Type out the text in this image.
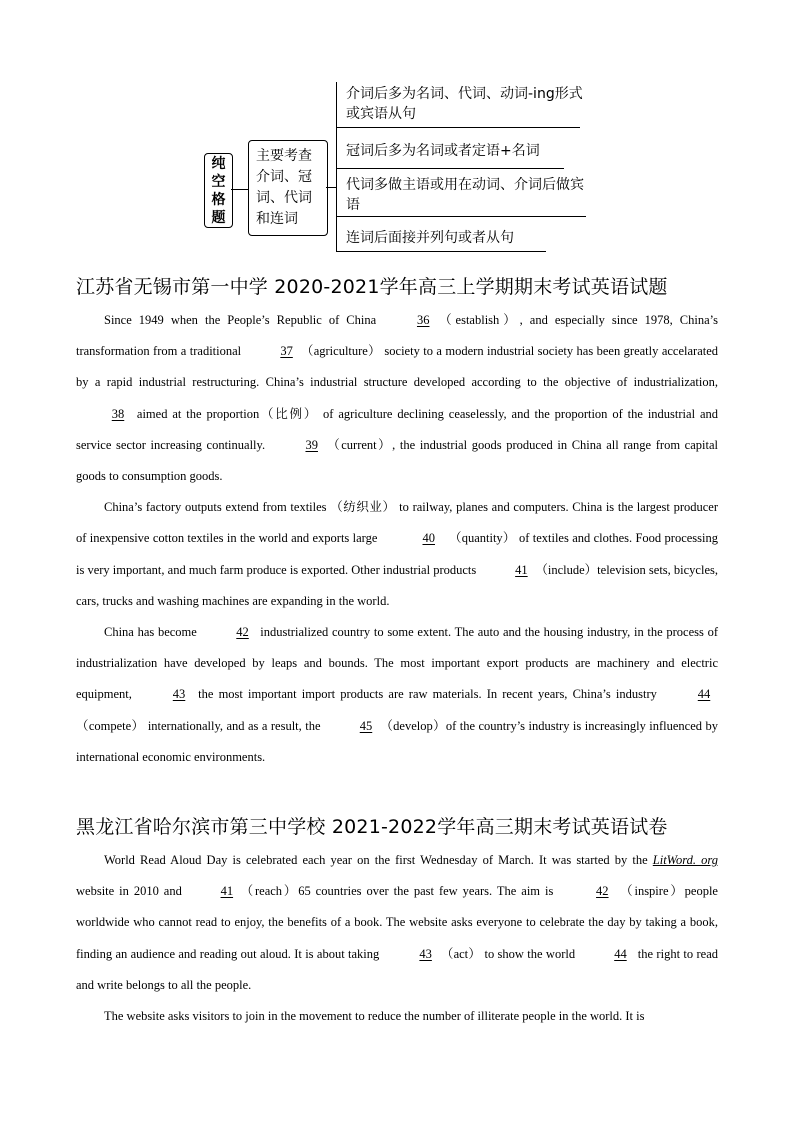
纯空格题
主要考查介词、冠词、代词和连词
介词后多为名词、代词、动词-ing形式或宾语从句
冠词后多为名词或者定语+名词
代词多做主语或用在动词、介词后做宾语
连词后面接并列句或者从句
江苏省无锡市第一中学 2020-2021学年高三上学期期末考试英语试题

Since 1949 when the People’s Republic of China	36 （establish）, and especially since 1978, China’s transformation from a traditional	37 （agriculture） society to a modern industrial society has been greatly accelarated by a rapid industrial restructuring. China’s industrial structure developed according to the objective of industrialization, 38 aimed at the proportion（比例） of agriculture declining ceaselessly, and the proportion of the industrial and service sector increasing continually.	39 （current）, the industrial goods produced in China all range from capital goods to consumption goods.

China’s factory outputs extend from textiles （纺织业） to railway, planes and computers. China is the largest producer of inexpensive cotton textiles in the world and exports large	40 （quantity） of textiles and clothes. Food processing is very important, and much farm produce is exported. Other industrial products	41 （include）television sets, bicycles, cars, trucks and washing machines are expanding in the world.

China has become	42 industrialized country to some extent. The auto and the housing industry, in the process of industrialization have developed by leaps and bounds. The most important export products are machinery and electric equipment,	43 the most important import products are raw materials. In recent years, China’s industry	44（compete） internationally, and as a result, the	45 （develop）of the country’s industry is increasingly influenced by international economic environments.

黑龙江省哈尔滨市第三中学校 2021-2022学年高三期末考试英语试卷

World Read Aloud Day is celebrated each year on the first Wednesday of March. It was started by the LitWord. org website in 2010 and	41 （reach）65 countries over the past few years. The aim is	42 （inspire）people worldwide who cannot read to enjoy, the benefits of a book. The website asks everyone to celebrate the day by taking a book, finding an audience and reading out aloud. It is about taking	43 （act） to show the world	44 the right to read and write belongs to all the people.

The website asks visitors to join in the movement to reduce the number of illiterate people in the world. It is
